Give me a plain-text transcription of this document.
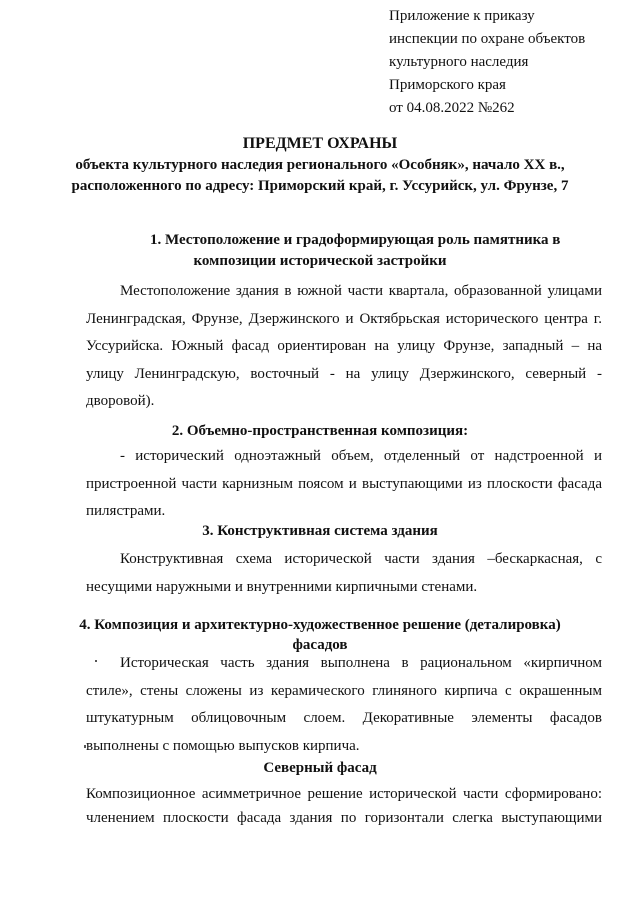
Приложение к приказу
инспекции по охране объектов
культурного наследия
Приморского края
от 04.08.2022 №262
ПРЕДМЕТ ОХРАНЫ
объекта культурного наследия регионального «Особняк», начало XX в.,
расположенного по адресу: Приморский край, г. Уссурийск, ул. Фрунзе, 7
1. Местоположение и градоформирующая роль памятника в
композиции исторической застройки
Местоположение здания в южной части квартала, образованной улицами Ленинградская, Фрунзе, Дзержинского и Октябрьская исторического центра г. Уссурийска. Южный фасад ориентирован на улицу Фрунзе, западный – на улицу Ленинградскую, восточный - на улицу Дзержинского, северный - дворовой).
2. Объемно-пространственная композиция:
- исторический одноэтажный объем, отделенный от надстроенной и пристроенной части карнизным поясом и выступающими из плоскости фасада пилястрами.
3. Конструктивная система здания
Конструктивная схема исторической части здания –бескаркасная, с несущими наружными и внутренними кирпичными стенами.
4. Композиция и архитектурно-художественное решение (деталировка)
фасадов
Историческая часть здания выполнена в рациональном «кирпичном стиле», стены сложены из керамического глиняного кирпича с окрашенным штукатурным облицовочным слоем. Декоративные элементы фасадов выполнены с помощью выпусков кирпича.
Северный фасад
Композиционное асимметричное решение исторической части сформировано:
членением плоскости фасада здания по горизонтали слегка выступающими
